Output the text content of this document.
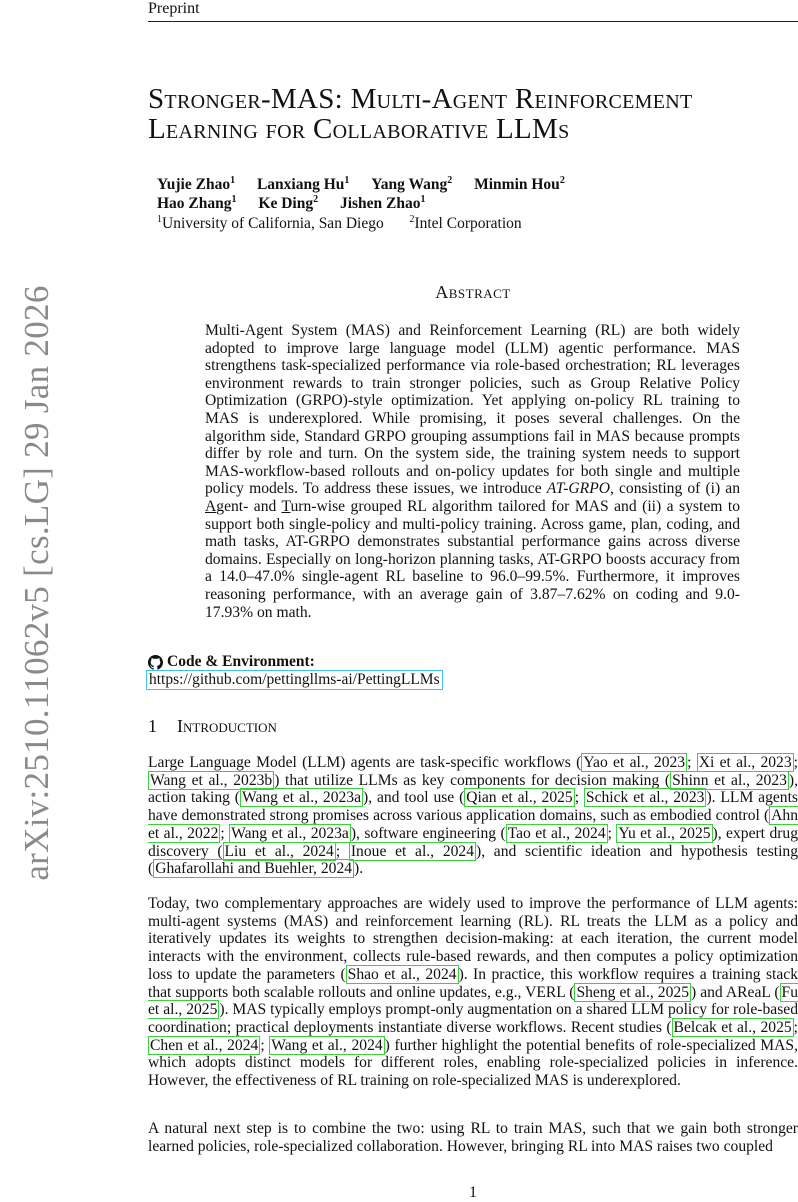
Preprint
arXiv:2510.11062v5 [cs.LG] 29 Jan 2026
Stronger-MAS: Multi-Agent Reinforcement Learning for Collaborative LLMs
Yujie Zhao$^1$ Lanxiang Hu$^1$ Yang Wang$^2$ Minmin Hou$^2$
Hao Zhang$^1$ Ke Ding$^2$ Jishen Zhao$^1$
$^1$University of California, San Diego	$^2$Intel Corporation
Abstract
Multi-Agent System (MAS) and Reinforcement Learning (RL) are both widely adopted to improve large language model (LLM) agentic performance. MAS strengthens task-specialized performance via role-based orchestration; RL leverages environment rewards to train stronger policies, such as Group Relative Policy Optimization (GRPO)-style optimization. Yet applying on-policy RL training to MAS is underexplored. While promising, it poses several challenges. On the algorithm side, Standard GRPO grouping assumptions fail in MAS because prompts differ by role and turn. On the system side, the training system needs to support MAS-workflow-based rollouts and on-policy updates for both single and multiple policy models. To address these issues, we introduce AT-GRPO, consisting of (i) an Agent- and Turn-wise grouped RL algorithm tailored for MAS and (ii) a system to support both single-policy and multi-policy training. Across game, plan, coding, and math tasks, AT-GRPO demonstrates substantial performance gains across diverse domains. Especially on long-horizon planning tasks, AT-GRPO boosts accuracy from a 14.0–47.0% single-agent RL baseline to 96.0–99.5%. Furthermore, it improves reasoning performance, with an average gain of 3.87–7.62% on coding and 9.0-17.93% on math.
Code & Environment:
https://github.com/pettingllms-ai/PettingLLMs
1 Introduction
Large Language Model (LLM) agents are task-specific workflows ( Yao et al., 2023 ; Xi et al., 2023 ; Wang et al., 2023b ) that utilize LLMs as key components for decision making ( Shinn et al., 2023 ), action taking ( Wang et al., 2023a ), and tool use ( Qian et al., 2025 ; Schick et al., 2023 ). LLM agents have demonstrated strong promises across various application domains, such as embodied control ( Ahn et al., 2022 ; Wang et al., 2023a ), software engineering ( Tao et al., 2024 ; Yu et al., 2025 ), expert drug discovery ( Liu et al., 2024 ; Inoue et al., 2024 ), and scientific ideation and hypothesis testing ( Ghafarollahi and Buehler, 2024 ).
Today, two complementary approaches are widely used to improve the performance of LLM agents: multi-agent systems (MAS) and reinforcement learning (RL). RL treats the LLM as a policy and iteratively updates its weights to strengthen decision-making: at each iteration, the current model interacts with the environment, collects rule-based rewards, and then computes a policy optimization loss to update the parameters ( Shao et al., 2024 ). In practice, this workflow requires a training stack that supports both scalable rollouts and online updates, e.g., VERL ( Sheng et al., 2025 ) and AReaL ( Fu et al., 2025 ). MAS typically employs prompt-only augmentation on a shared LLM policy for role-based coordination; practical deployments instantiate diverse workflows. Recent studies ( Belcak et al., 2025 ; Chen et al., 2024 ; Wang et al., 2024 ) further highlight the potential benefits of role-specialized MAS, which adopts distinct models for different roles, enabling role-specialized policies in inference. However, the effectiveness of RL training on role-specialized MAS is underexplored.
A natural next step is to combine the two: using RL to train MAS, such that we gain both stronger learned policies, role-specialized collaboration. However, bringing RL into MAS raises two coupled
1
